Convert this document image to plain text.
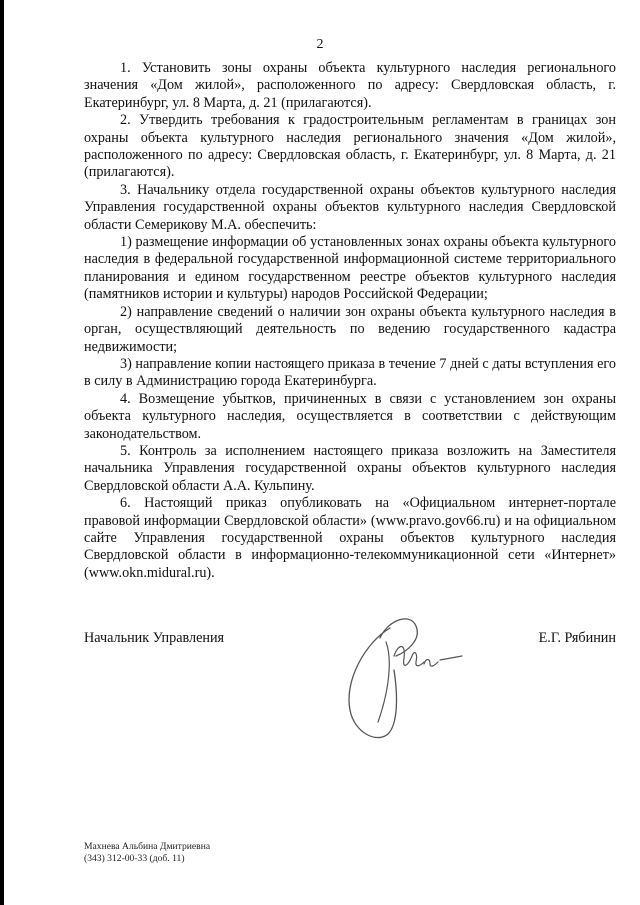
2

1. Установить зоны охраны объекта культурного наследия регионального значения «Дом жилой», расположенного по адресу: Свердловская область, г. Екатеринбург, ул. 8 Марта, д. 21 (прилагаются).

2. Утвердить требования к градостроительным регламентам в границах зон охраны объекта культурного наследия регионального значения «Дом жилой», расположенного по адресу: Свердловская область, г. Екатеринбург, ул. 8 Марта, д. 21 (прилагаются).

3. Начальнику отдела государственной охраны объектов культурного наследия Управления государственной охраны объектов культурного наследия Свердловской области Семерикову М.А. обеспечить:

1) размещение информации об установленных зонах охраны объекта культурного наследия в федеральной государственной информационной системе территориального планирования и едином государственном реестре объектов культурного наследия (памятников истории и культуры) народов Российской Федерации;

2) направление сведений о наличии зон охраны объекта культурного наследия в орган, осуществляющий деятельность по ведению государственного кадастра недвижимости;

3) направление копии настоящего приказа в течение 7 дней с даты вступления его в силу в Администрацию города Екатеринбурга.

4. Возмещение убытков, причиненных в связи с установлением зон охраны объекта культурного наследия, осуществляется в соответствии с действующим законодательством.

5. Контроль за исполнением настоящего приказа возложить на Заместителя начальника Управления государственной охраны объектов культурного наследия Свердловской области А.А. Кульпину.

6. Настоящий приказ опубликовать на «Официальном интернет-портале правовой информации Свердловской области» (www.pravo.gov66.ru) и на официальном сайте Управления государственной охраны объектов культурного наследия Свердловской области в информационно-телекоммуникационной сети «Интернет» (www.okn.midural.ru).

Начальник Управления	Е.Г. Рябинин
Махнева Альбина Дмитриевна
(343) 312-00-33 (доб. 11)
